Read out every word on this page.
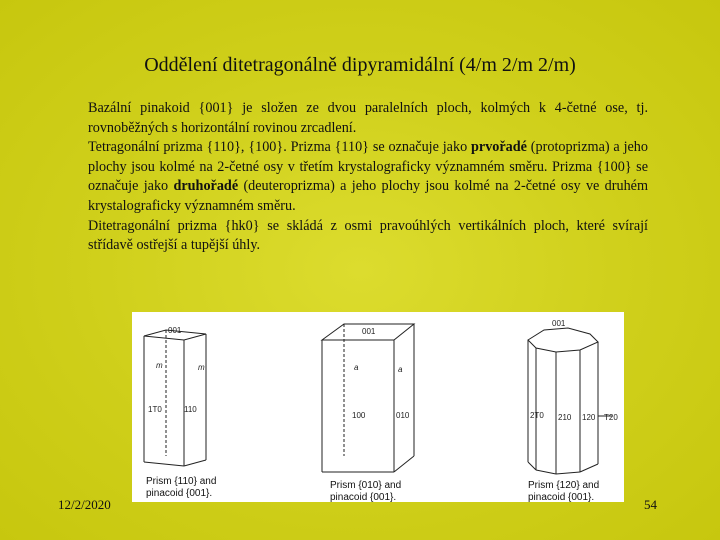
Oddělení ditetragonálně dipyramidální (4/m 2/m 2/m)

Bazální pinakoid {001} je složen ze dvou paralelních ploch, kolmých k 4-četné ose, tj. rovnoběžných s horizontální rovinou zrcadlení.

Tetragonální prizma {110}, {100}. Prizma {110} se označuje jako prvořadé (protoprizma) a jeho plochy jsou kolmé na 2-četné osy v třetím krystalograficky významném směru. Prizma {100} se označuje jako druhořadé (deuteroprizma) a jeho plochy jsou kolmé na 2-četné osy ve druhém krystalograficky významném směru.

Ditetragonální prizma {hk0} se skládá z osmi pravoúhlých vertikálních ploch, které svírají střídavě ostřejší a tupější úhly.

001
m	m
1T0	110
Prism {110} and
pinacoid {001}.
001
a	a
100	010
Prism {010} and
pinacoid {001}.
001
2T0 210 120 T20
Prism {120} and
pinacoid {001}.
12/2/2020	54
